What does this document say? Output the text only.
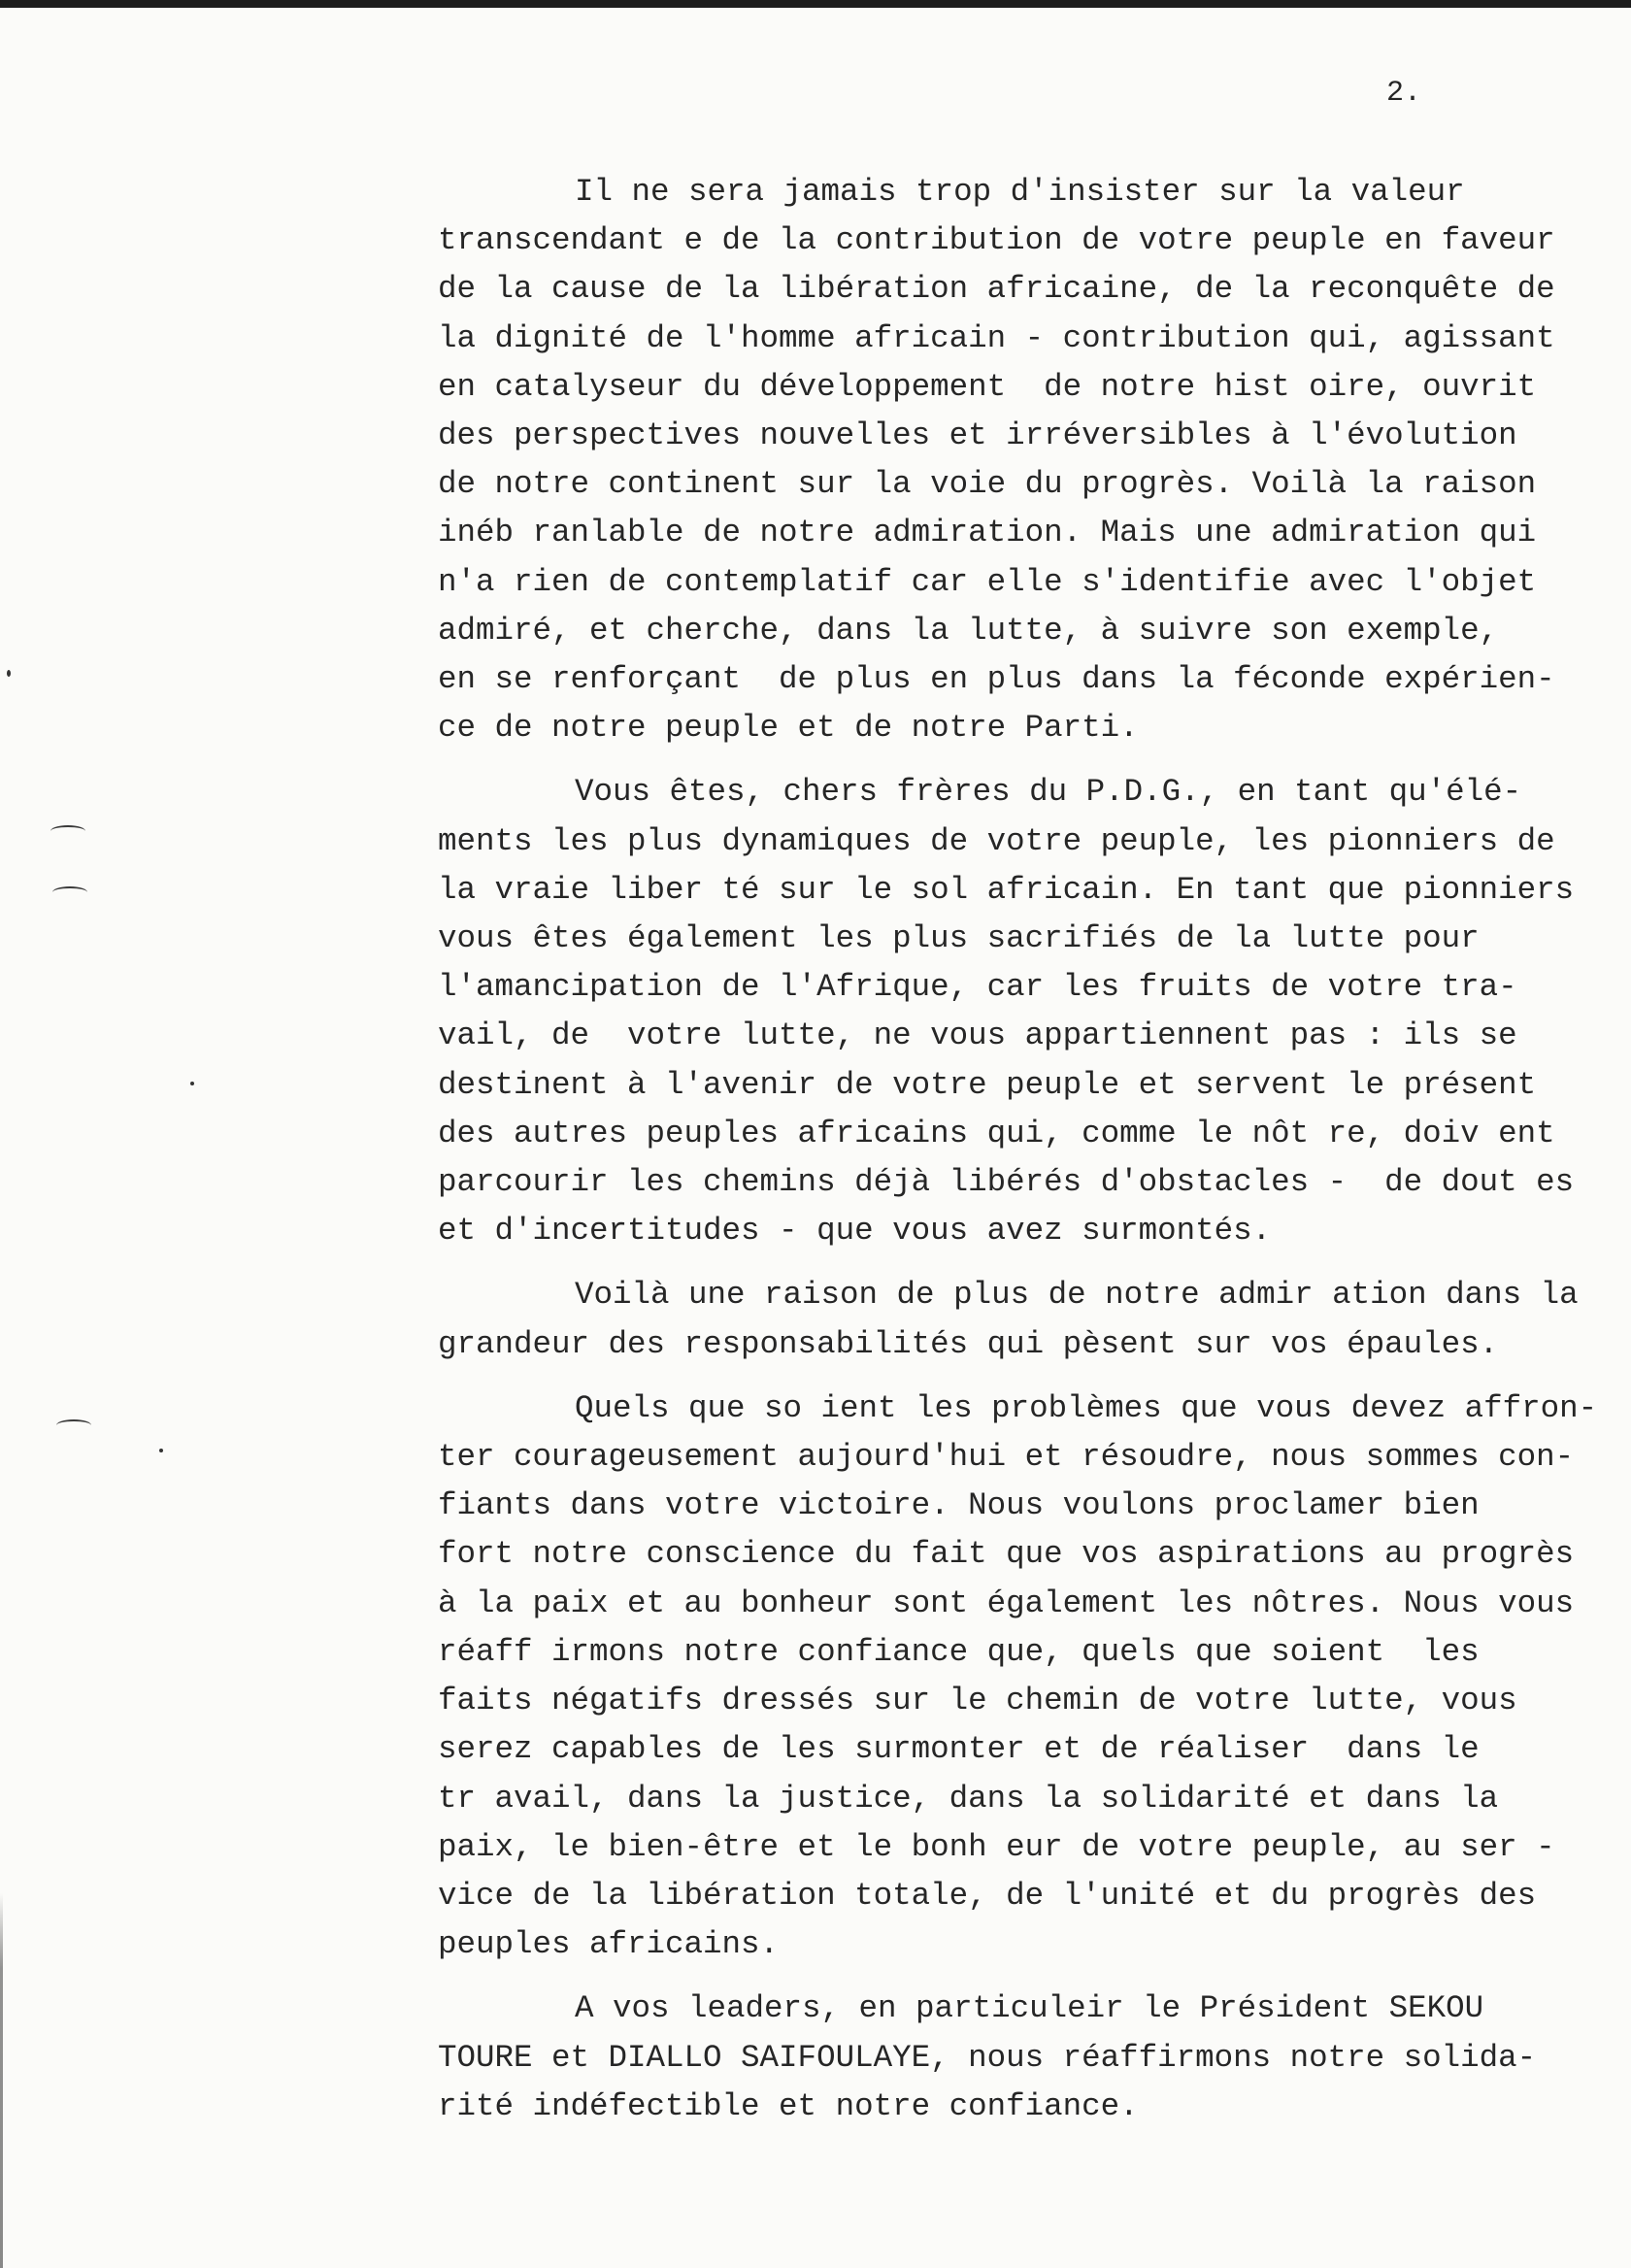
2.

Il ne sera jamais trop d'insister sur la valeur
transcendant e de la contribution de votre peuple en faveur
de la cause de la libération africaine, de la reconquête de
la dignité de l'homme africain - contribution qui, agissant
en catalyseur du développement  de notre hist oire, ouvrit
des perspectives nouvelles et irréversibles à l'évolution
de notre continent sur la voie du progrès. Voilà la raison
inéb ranlable de notre admiration. Mais une admiration qui
n'a rien de contemplatif car elle s'identifie avec l'objet
admiré, et cherche, dans la lutte, à suivre son exemple,
en se renforçant  de plus en plus dans la féconde expérien-
ce de notre peuple et de notre Parti.

Vous êtes, chers frères du P.D.G., en tant qu'élé-
ments les plus dynamiques de votre peuple, les pionniers de
la vraie liber té sur le sol africain. En tant que pionniers
vous êtes également les plus sacrifiés de la lutte pour
l'amancipation de l'Afrique, car les fruits de votre tra-
vail, de  votre lutte, ne vous appartiennent pas : ils se
destinent à l'avenir de votre peuple et servent le présent
des autres peuples africains qui, comme le nôt re, doiv ent
parcourir les chemins déjà libérés d'obstacles -  de dout es
et d'incertitudes - que vous avez surmontés.

Voilà une raison de plus de notre admir ation dans la
grandeur des responsabilités qui pèsent sur vos épaules.

Quels que so ient les problèmes que vous devez affron-
ter courageusement aujourd'hui et résoudre, nous sommes con-
fiants dans votre victoire. Nous voulons proclamer bien
fort notre conscience du fait que vos aspirations au progrès
à la paix et au bonheur sont également les nôtres. Nous vous
réaff irmons notre confiance que, quels que soient  les
faits négatifs dressés sur le chemin de votre lutte, vous
serez capables de les surmonter et de réaliser  dans le
tr avail, dans la justice, dans la solidarité et dans la
paix, le bien-être et le bonh eur de votre peuple, au ser -
vice de la libération totale, de l'unité et du progrès des
peuples africains.

A vos leaders, en particuleir le Président SEKOU
TOURE et DIALLO SAIFOULAYE, nous réaffirmons notre solida-
rité indéfectible et notre confiance.
